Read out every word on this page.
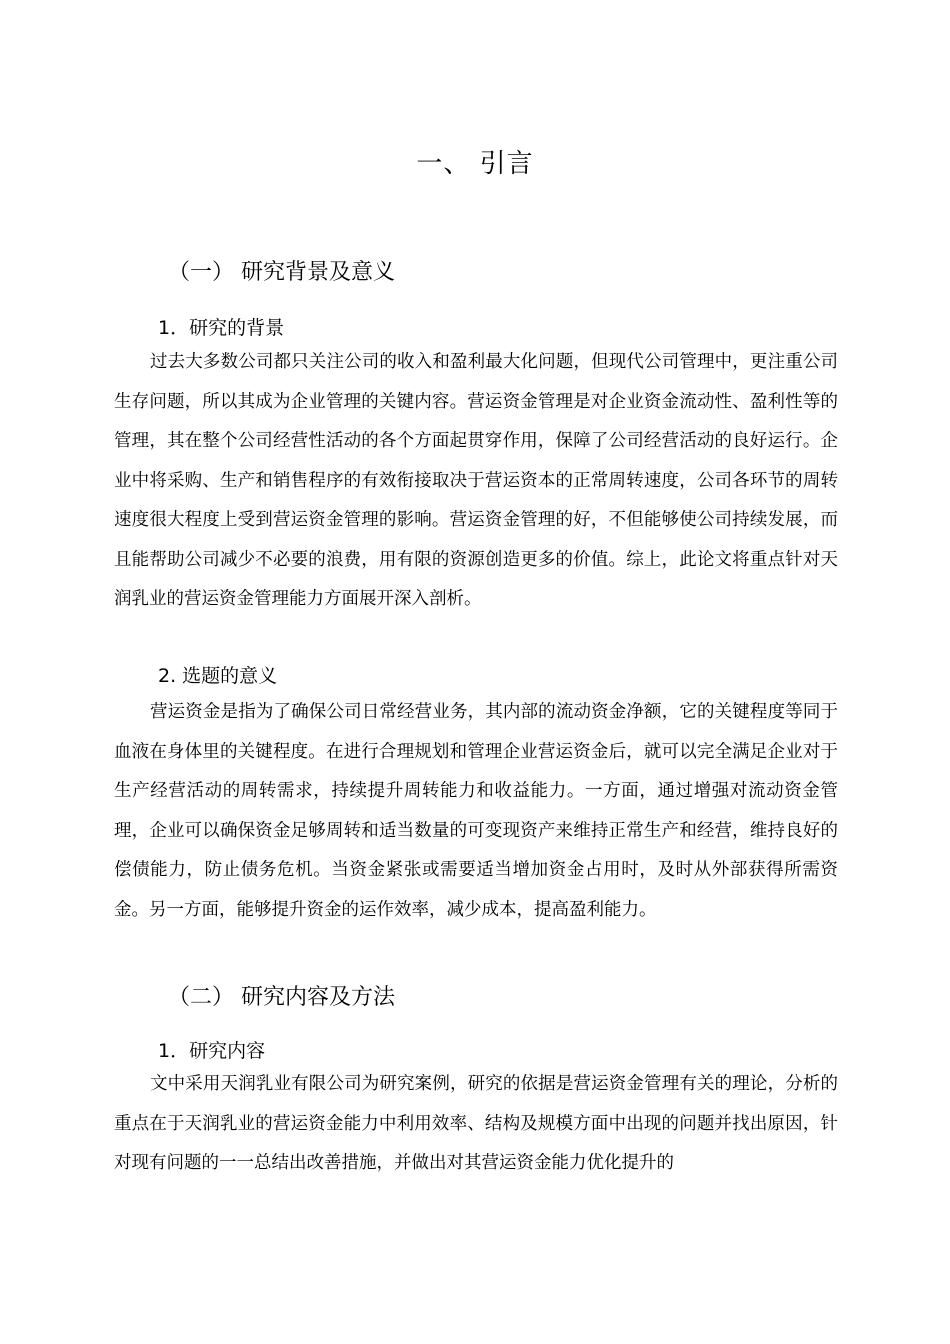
一、 引言
（一） 研究背景及意义
1．研究的背景

过去大多数公司都只关注公司的收入和盈利最大化问题，但现代公司管理中，更注重公司生存问题，所以其成为企业管理的关键内容。营运资金管理是对企业资金流动性、盈利性等的管理，其在整个公司经营性活动的各个方面起贯穿作用，保障了公司经营活动的良好运行。企业中将采购、生产和销售程序的有效衔接取决于营运资本的正常周转速度，公司各环节的周转速度很大程度上受到营运资金管理的影响。营运资金管理的好，不但能够使公司持续发展，而且能帮助公司减少不必要的浪费，用有限的资源创造更多的价值。综上，此论文将重点针对天润乳业的营运资金管理能力方面展开深入剖析。

2. 选题的意义

营运资金是指为了确保公司日常经营业务，其内部的流动资金净额，它的关键程度等同于血液在身体里的关键程度。在进行合理规划和管理企业营运资金后，就可以完全满足企业对于生产经营活动的周转需求，持续提升周转能力和收益能力。一方面，通过增强对流动资金管理，企业可以确保资金足够周转和适当数量的可变现资产来维持正常生产和经营，维持良好的偿债能力，防止债务危机。当资金紧张或需要适当增加资金占用时，及时从外部获得所需资金。另一方面，能够提升资金的运作效率，减少成本，提高盈利能力。

（二） 研究内容及方法
1．研究内容

文中采用天润乳业有限公司为研究案例，研究的依据是营运资金管理有关的理论，分析的重点在于天润乳业的营运资金能力中利用效率、结构及规模方面中出现的问题并找出原因，针对现有问题的一一总结出改善措施，并做出对其营运资金能力优化提升的
